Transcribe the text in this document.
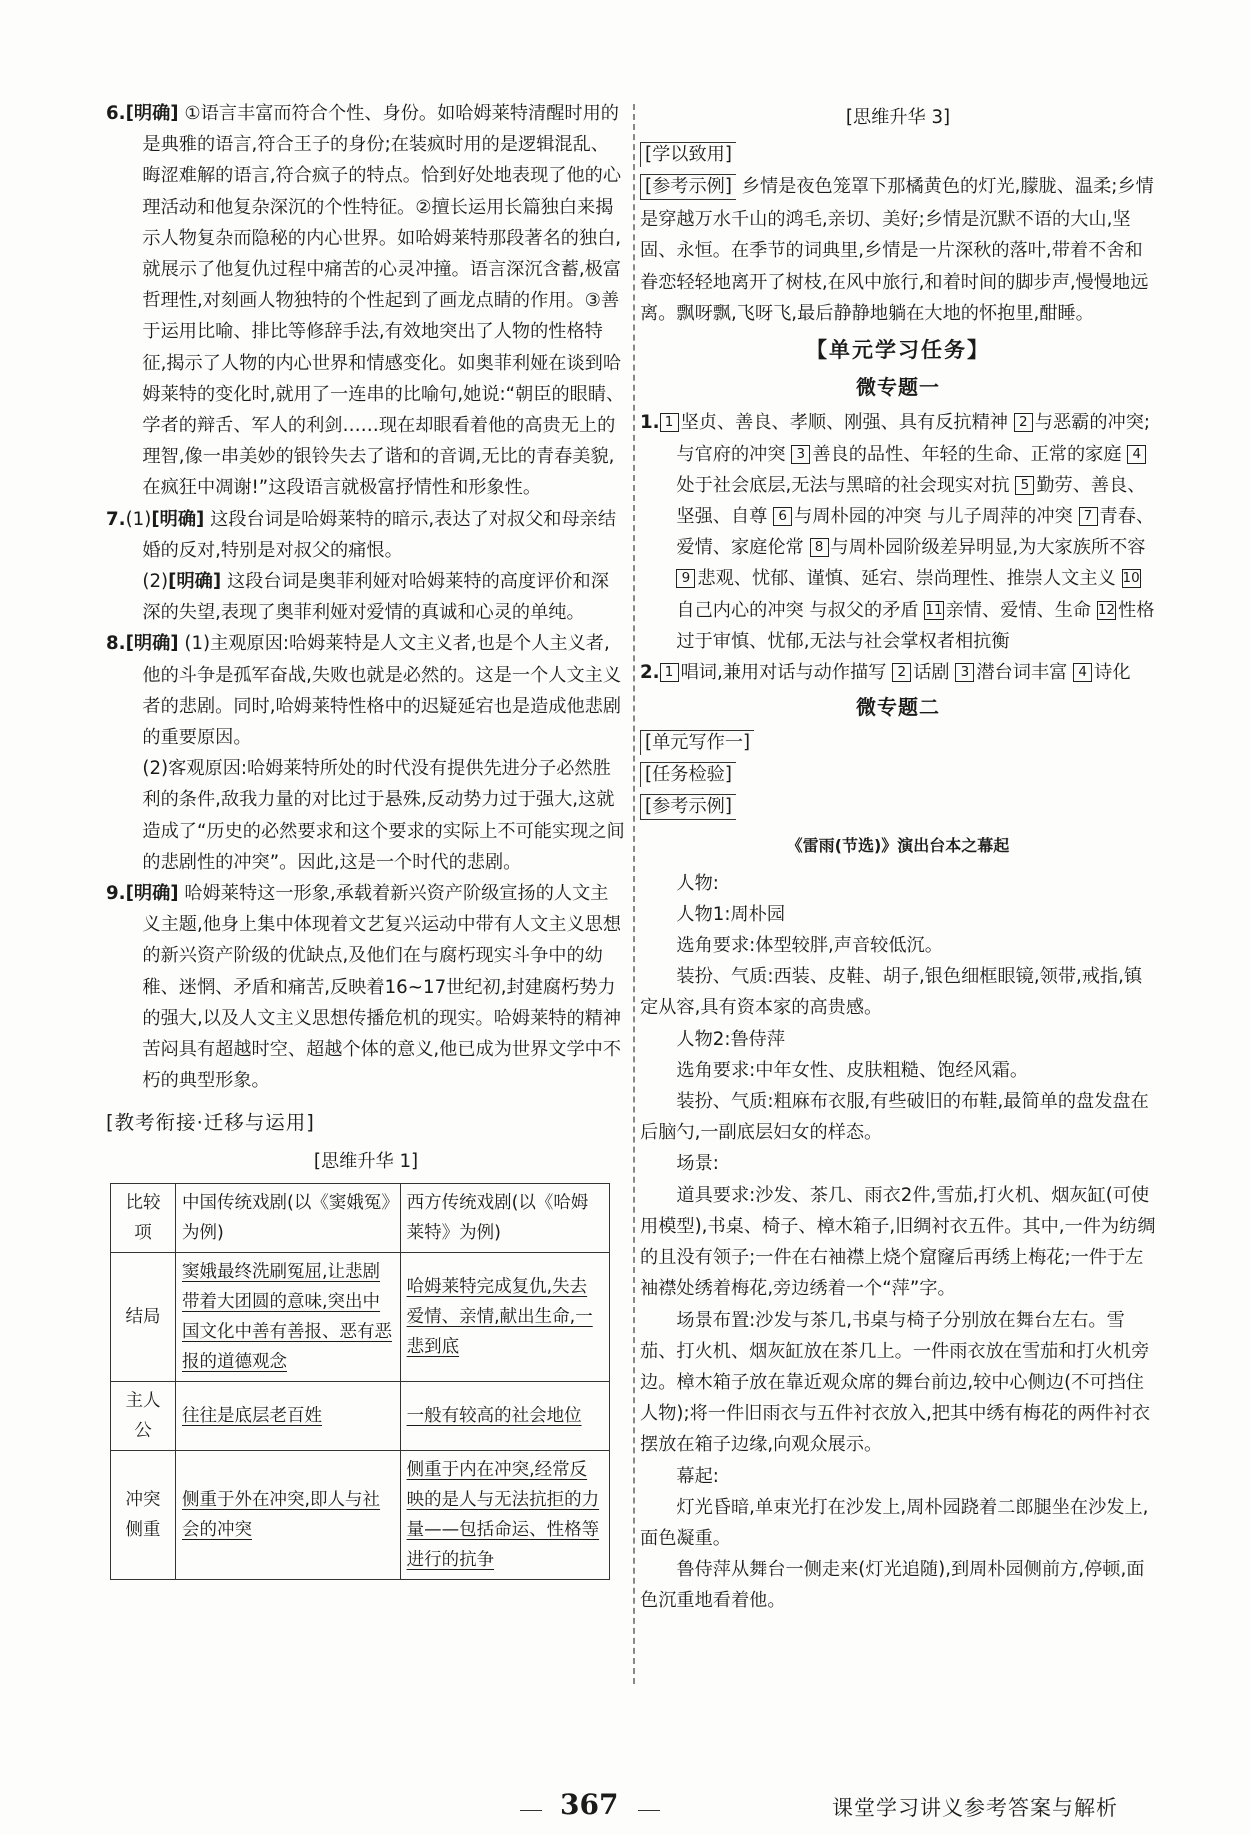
6.[明确] ①语言丰富而符合个性、身份。如哈姆莱特清醒时用的是典雅的语言,符合王子的身份;在装疯时用的是逻辑混乱、晦涩难解的语言,符合疯子的特点。恰到好处地表现了他的心理活动和他复杂深沉的个性特征。②擅长运用长篇独白来揭示人物复杂而隐秘的内心世界。如哈姆莱特那段著名的独白,就展示了他复仇过程中痛苦的心灵冲撞。语言深沉含蓄,极富哲理性,对刻画人物独特的个性起到了画龙点睛的作用。③善于运用比喻、排比等修辞手法,有效地突出了人物的性格特征,揭示了人物的内心世界和情感变化。如奥菲利娅在谈到哈姆莱特的变化时,就用了一连串的比喻句,她说:“朝臣的眼睛、学者的辩舌、军人的利剑……现在却眼看着他的高贵无上的理智,像一串美妙的银铃失去了谐和的音调,无比的青春美貌,在疯狂中凋谢!”这段语言就极富抒情性和形象性。

7.(1)[明确] 这段台词是哈姆莱特的暗示,表达了对叔父和母亲结婚的反对,特别是对叔父的痛恨。

(2)[明确] 这段台词是奥菲利娅对哈姆莱特的高度评价和深深的失望,表现了奥菲利娅对爱情的真诚和心灵的单纯。

8.[明确] (1)主观原因:哈姆莱特是人文主义者,也是个人主义者,他的斗争是孤军奋战,失败也就是必然的。这是一个人文主义者的悲剧。同时,哈姆莱特性格中的迟疑延宕也是造成他悲剧的重要原因。

(2)客观原因:哈姆莱特所处的时代没有提供先进分子必然胜利的条件,敌我力量的对比过于悬殊,反动势力过于强大,这就造成了“历史的必然要求和这个要求的实际上不可能实现之间的悲剧性的冲突”。因此,这是一个时代的悲剧。

9.[明确] 哈姆莱特这一形象,承载着新兴资产阶级宣扬的人文主义主题,他身上集中体现着文艺复兴运动中带有人文主义思想的新兴资产阶级的优缺点,及他们在与腐朽现实斗争中的幼稚、迷惘、矛盾和痛苦,反映着16~17世纪初,封建腐朽势力的强大,以及人文主义思想传播危机的现实。哈姆莱特的精神苦闷具有超越时空、超越个体的意义,他已成为世界文学中不朽的典型形象。

[教考衔接·迁移与运用]

[思维升华 1]

比较项	中国传统戏剧(以《窦娥冤》为例)	西方传统戏剧(以《哈姆莱特》为例)
结局	窦娥最终洗刷冤屈,让悲剧带着大团圆的意味,突出中国文化中善有善报、恶有恶报的道德观念	哈姆莱特完成复仇,失去爱情、亲情,献出生命,一悲到底
主人公	往往是底层老百姓	一般有较高的社会地位
冲突侧重	侧重于外在冲突,即人与社会的冲突	侧重于内在冲突,经常反映的是人与无法抗拒的力量——包括命运、性格等进行的抗争

[思维升华 3]

[学以致用]

[参考示例] 乡情是夜色笼罩下那橘黄色的灯光,朦胧、温柔;乡情是穿越万水千山的鸿毛,亲切、美好;乡情是沉默不语的大山,坚固、永恒。在季节的词典里,乡情是一片深秋的落叶,带着不舍和眷恋轻轻地离开了树枝,在风中旅行,和着时间的脚步声,慢慢地远离。飘呀飘,飞呀飞,最后静静地躺在大地的怀抱里,酣睡。

【单元学习任务】

微专题一

1. 1 坚贞、善良、孝顺、刚强、具有反抗精神 2 与恶霸的冲突;与官府的冲突 3 善良的品性、年轻的生命、正常的家庭 4处于社会底层,无法与黑暗的社会现实对抗 5 勤劳、善良、坚强、自尊 6 与周朴园的冲突 与儿子周萍的冲突 7 青春、爱情、家庭伦常 8 与周朴园阶级差异明显,为大家族所不容 9 悲观、忧郁、谨慎、延宕、崇尚理性、推崇人文主义 10自己内心的冲突 与叔父的矛盾 11 亲情、爱情、生命 12 性格过于审慎、忧郁,无法与社会掌权者相抗衡

2. 1 唱词,兼用对话与动作描写 2 话剧 3 潜台词丰富 4 诗化

微专题二

[单元写作一]
[任务检验]
[参考示例]

《雷雨(节选)》演出台本之幕起

人物:

人物1:周朴园

选角要求:体型较胖,声音较低沉。

装扮、气质:西装、皮鞋、胡子,银色细框眼镜,领带,戒指,镇定从容,具有资本家的高贵感。

人物2:鲁侍萍

选角要求:中年女性、皮肤粗糙、饱经风霜。

装扮、气质:粗麻布衣服,有些破旧的布鞋,最简单的盘发盘在后脑勺,一副底层妇女的样态。

场景:

道具要求:沙发、茶几、雨衣2件,雪茄,打火机、烟灰缸(可使用模型),书桌、椅子、樟木箱子,旧绸衬衣五件。其中,一件为纺绸的且没有领子;一件在右袖襟上烧个窟窿后再绣上梅花;一件于左袖襟处绣着梅花,旁边绣着一个“萍”字。

场景布置:沙发与茶几,书桌与椅子分别放在舞台左右。雪茄、打火机、烟灰缸放在茶几上。一件雨衣放在雪茄和打火机旁边。樟木箱子放在靠近观众席的舞台前边,较中心侧边(不可挡住人物);将一件旧雨衣与五件衬衣放入,把其中绣有梅花的两件衬衣摆放在箱子边缘,向观众展示。

幕起:

灯光昏暗,单束光打在沙发上,周朴园跷着二郎腿坐在沙发上,面色凝重。

鲁侍萍从舞台一侧走来(灯光追随),到周朴园侧前方,停顿,面色沉重地看着他。

367	课堂学习讲义参考答案与解析
